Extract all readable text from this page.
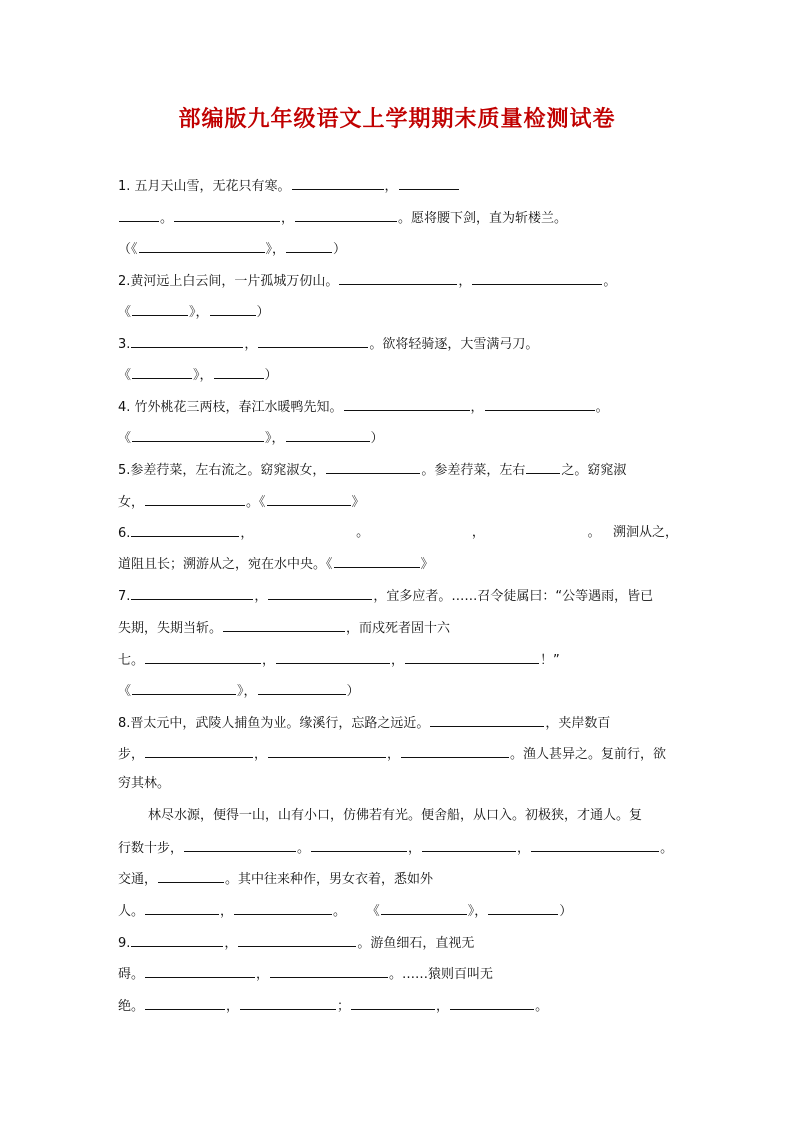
部编版九年级语文上学期期末质量检测试卷
1. 五月天山雪，无花只有寒。	，
。	，	。愿将腰下剑，直为斩楼兰。
（《	》，	）
2.黄河远上白云间，一片孤城万仞山。	，	。
《	》，	）
3.	，	。欲将轻骑逐，大雪满弓刀。
《	》，	）
4. 竹外桃花三两枝，春江水暖鸭先知。	，	。
《	》，	）
5.参差荇菜，左右流之。窈窕淑女，	。参差荇菜，左右	之。窈窕淑
女，	。《	》
6.	，	。	，	。 溯洄从之，
道阻且长；溯游从之，宛在水中央。《	》
7.	，	，宜多应者。……召令徒属曰：“公等遇雨，皆已
失期，失期当斩。	，而戍死者固十六
七。	，	，	！”
《	》，	）
8.晋太元中，武陵人捕鱼为业。缘溪行，忘路之远近。	，夹岸数百
步，	，	，	。渔人甚异之。复前行，欲
穷其林。
林尽水源，便得一山，山有小口，仿佛若有光。便舍船，从口入。初极狭，才通人。复
行数十步，	。	，	，	。
交通，	。其中往来种作，男女衣着，悉如外
人。	，	。 《	》，	）
9.	，	。游鱼细石，直视无
碍。	，	。……猿则百叫无
绝。	，	；	，	。
